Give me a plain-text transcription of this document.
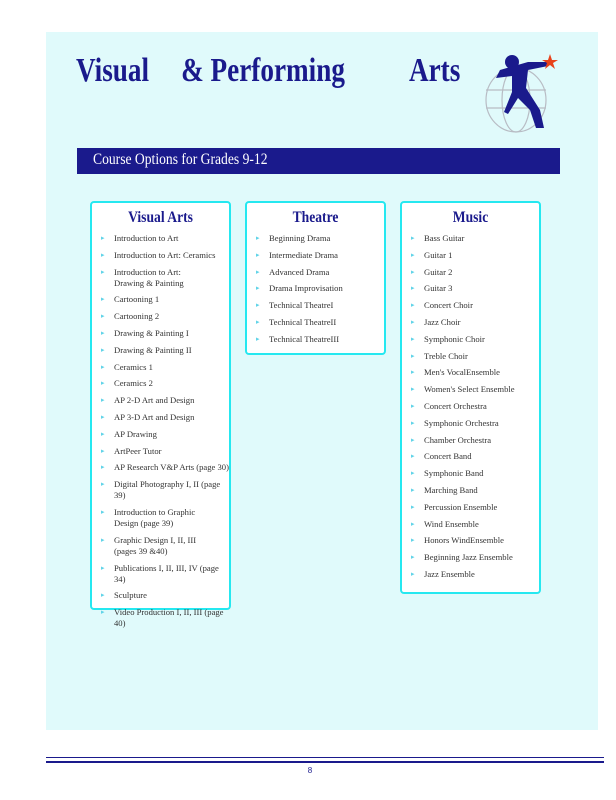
Visual & Performing Arts
Course Options for Grades 9-12
Visual Arts
▸ Introduction to Art
▸ Introduction to Art: Ceramics
▸ Introduction to Art:
Drawing & Painting
▸ Cartooning 1
▸ Cartooning 2
▸ Drawing & Painting I
▸ Drawing & Painting II
▸ Ceramics 1
▸ Ceramics 2
▸ AP 2-D Art and Design
▸ AP 3-D Art and Design
▸ AP Drawing
▸ ArtPeer Tutor
▸ AP Research V&P Arts (page 30)
▸ Digital Photography I, II (page 39)
▸ Introduction to Graphic
Design (page 39)
▸ Graphic Design I, II, III
(pages 39 &40)
▸ Publications I, II, III, IV (page 34)
▸ Sculpture
▸ Video Production I, II, III (page 40)
Theatre
▸ Beginning Drama
▸ Intermediate Drama
▸ Advanced Drama
▸ Drama Improvisation
▸ Technical TheatreI
▸ Technical TheatreII
▸ Technical TheatreIII
Music
▸ Bass Guitar
▸ Guitar 1
▸ Guitar 2
▸ Guitar 3
▸ Concert Choir
▸ Jazz Choir
▸ Symphonic Choir
▸ Treble Choir
▸ Men's VocalEnsemble
▸ Women's Select Ensemble
▸ Concert Orchestra
▸ Symphonic Orchestra
▸ Chamber Orchestra
▸ Concert Band
▸ Symphonic Band
▸ Marching Band
▸ Percussion Ensemble
▸ Wind Ensemble
▸ Honors WindEnsemble
▸ Beginning Jazz Ensemble
▸ Jazz Ensemble
8
